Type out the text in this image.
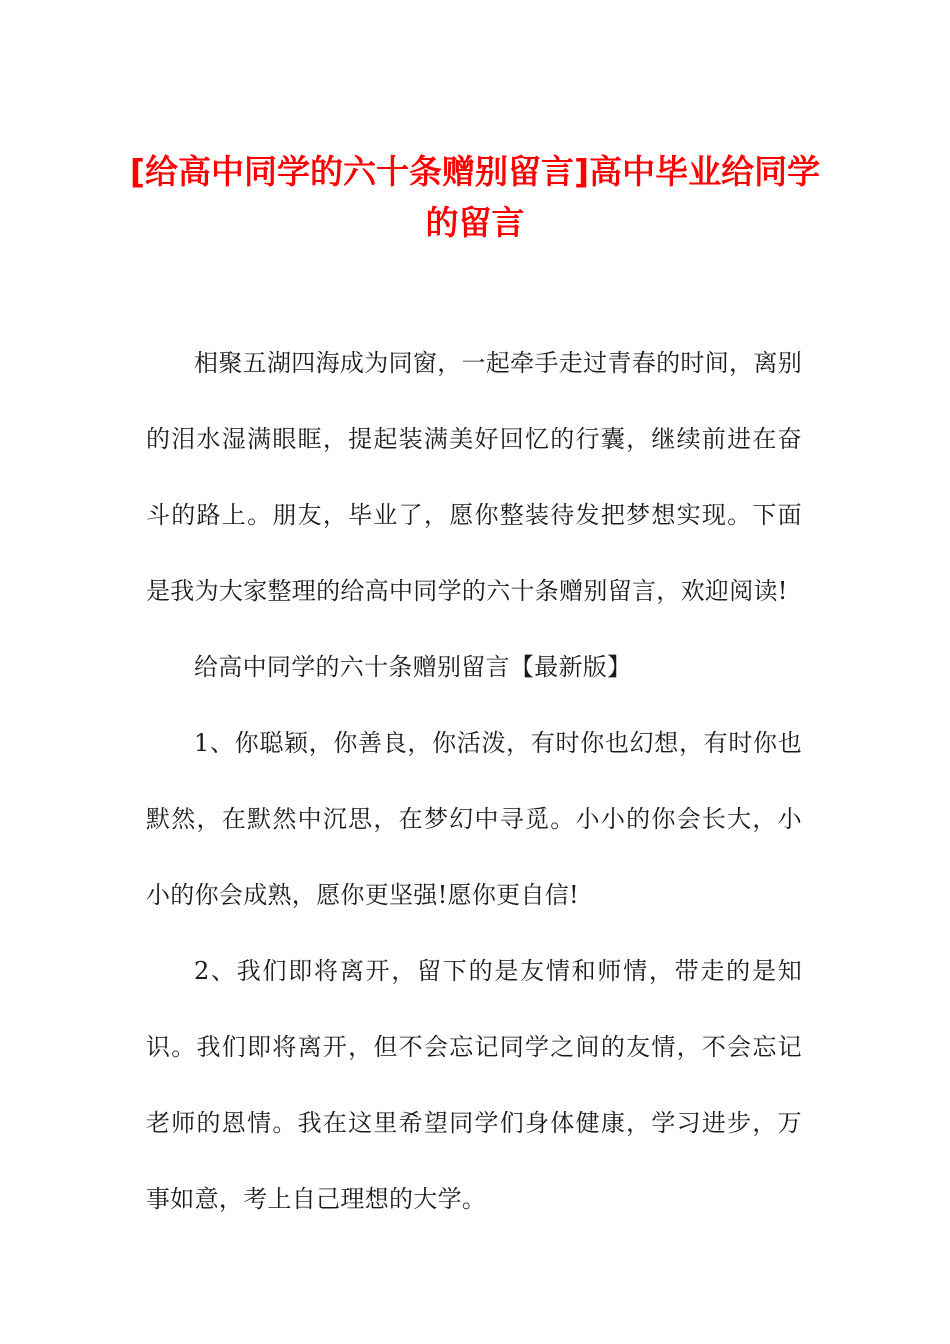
[给高中同学的六十条赠别留言]高中毕业给同学的留言

相聚五湖四海成为同窗，一起牵手走过青春的时间，离别的泪水湿满眼眶，提起装满美好回忆的行囊，继续前进在奋斗的路上。朋友，毕业了，愿你整装待发把梦想实现。下面是我为大家整理的给高中同学的六十条赠别留言，欢迎阅读!

给高中同学的六十条赠别留言【最新版】

1、你聪颖，你善良，你活泼，有时你也幻想，有时你也默然，在默然中沉思，在梦幻中寻觅。小小的你会长大，小小的你会成熟，愿你更坚强!愿你更自信!

2、我们即将离开，留下的是友情和师情，带走的是知识。我们即将离开，但不会忘记同学之间的友情，不会忘记老师的恩情。我在这里希望同学们身体健康，学习进步，万事如意，考上自己理想的大学。
